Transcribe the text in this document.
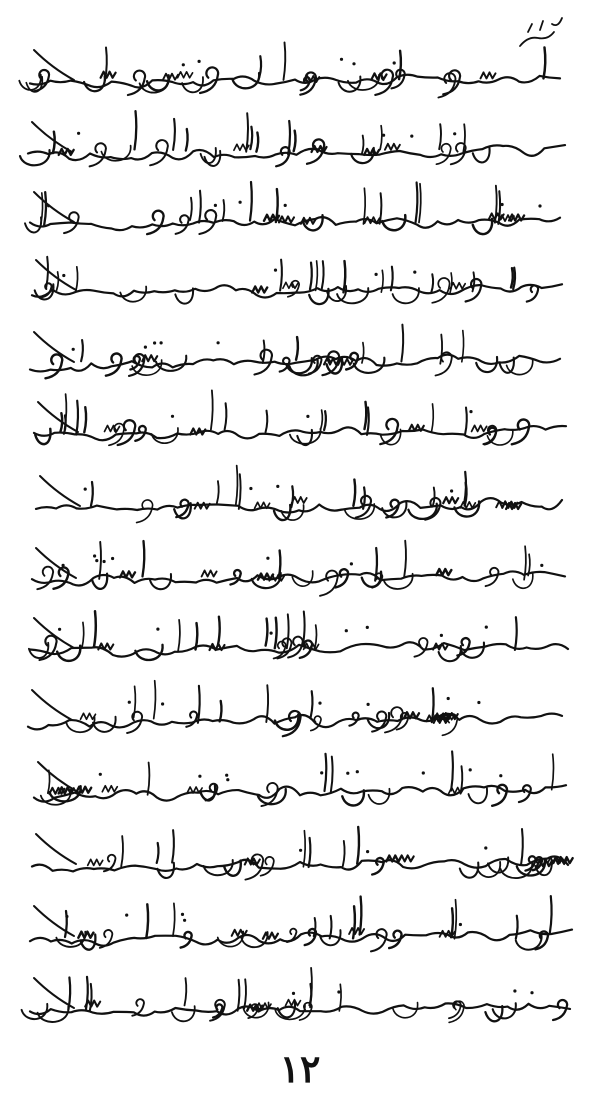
١٢
